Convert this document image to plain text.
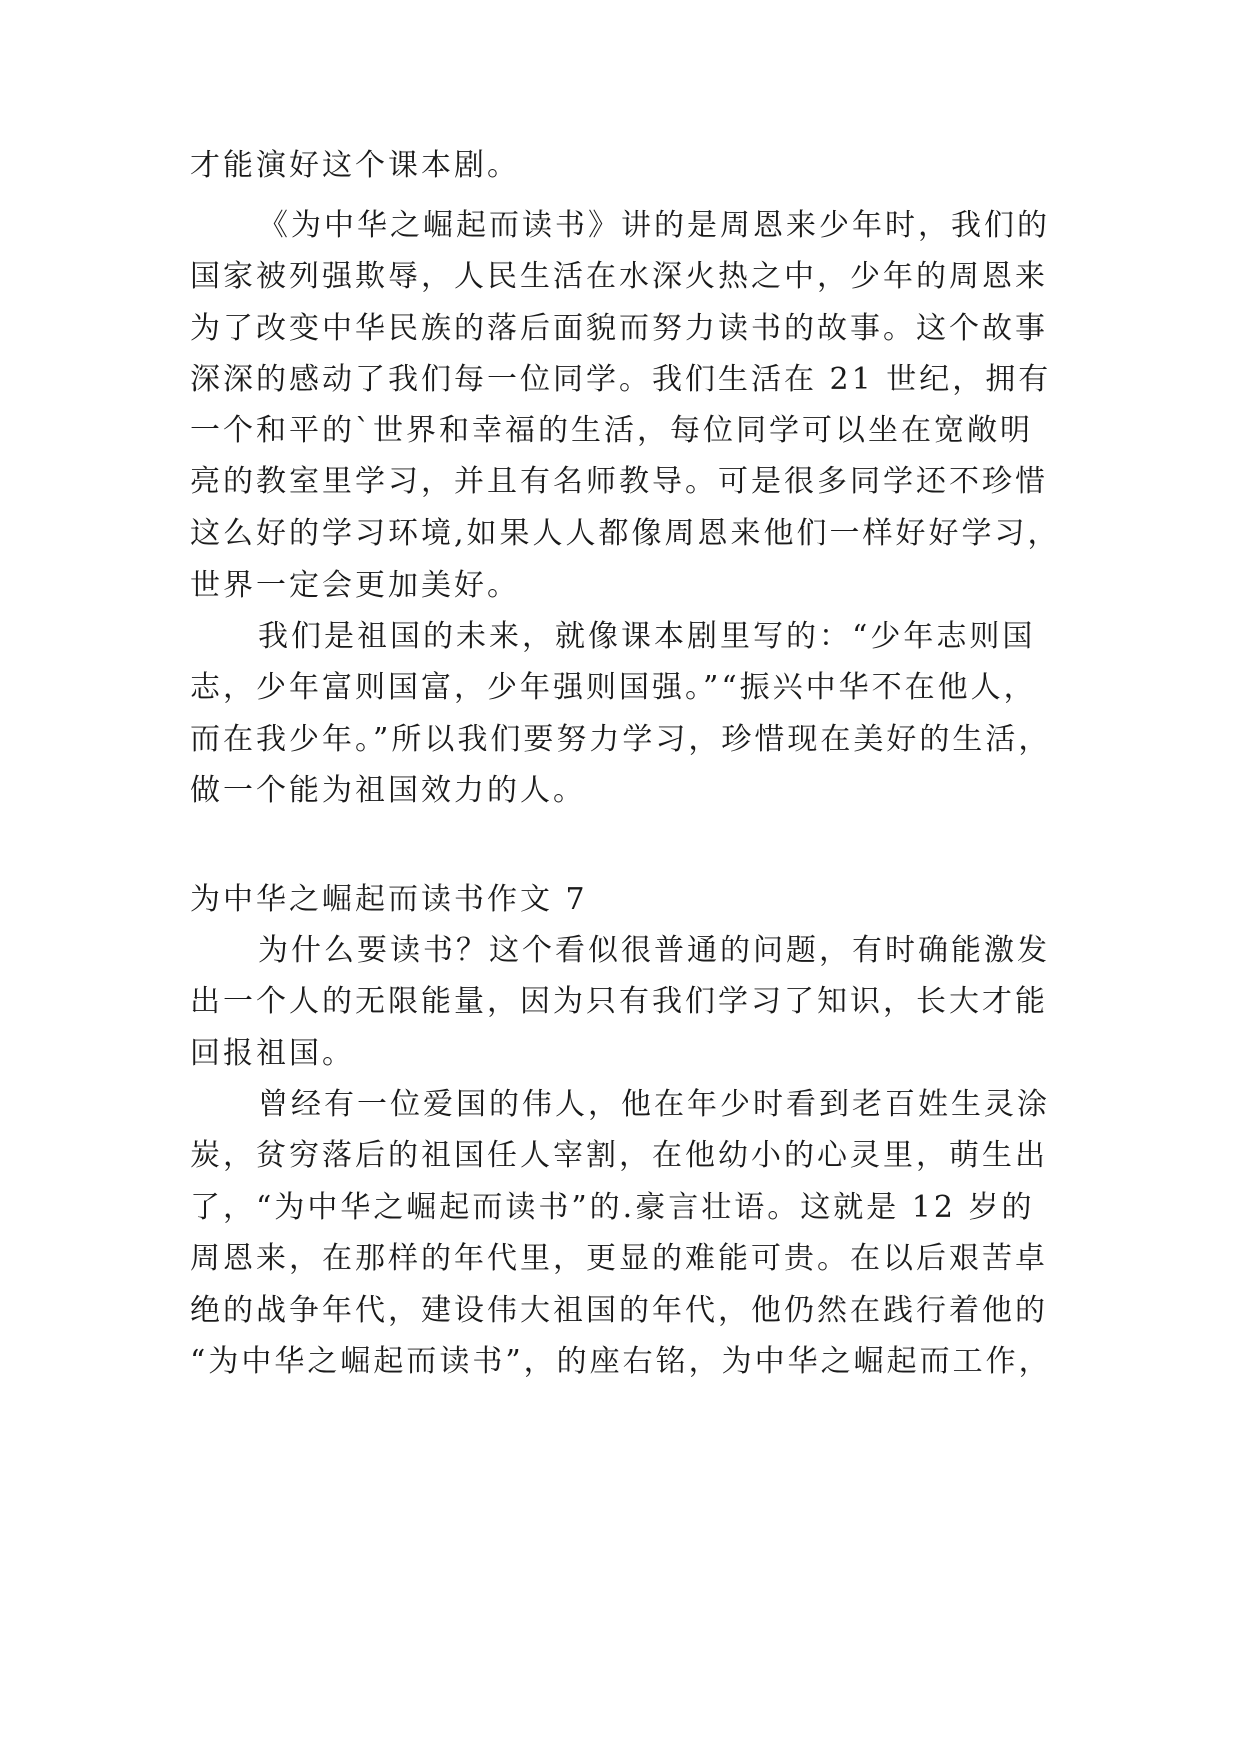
才能演好这个课本剧。
《为中华之崛起而读书》讲的是周恩来少年时，我们的
国家被列强欺辱，人民生活在水深火热之中，少年的周恩来
为了改变中华民族的落后面貌而努力读书的故事。这个故事
深深的感动了我们每一位同学。我们生活在 21 世纪，拥有
一个和平的`世界和幸福的生活，每位同学可以坐在宽敞明
亮的教室里学习，并且有名师教导。可是很多同学还不珍惜
这么好的学习环境,如果人人都像周恩来他们一样好好学习，
世界一定会更加美好。
我们是祖国的未来，就像课本剧里写的：“少年志则国
志，少年富则国富，少年强则国强。”“振兴中华不在他人，
而在我少年。”所以我们要努力学习，珍惜现在美好的生活，
做一个能为祖国效力的人。
为中华之崛起而读书作文 7
为什么要读书？这个看似很普通的问题，有时确能激发
出一个人的无限能量，因为只有我们学习了知识，长大才能
回报祖国。
曾经有一位爱国的伟人，他在年少时看到老百姓生灵涂
炭，贫穷落后的祖国任人宰割，在他幼小的心灵里，萌生出
了，“为中华之崛起而读书”的.豪言壮语。这就是 12 岁的
周恩来，在那样的年代里，更显的难能可贵。在以后艰苦卓
绝的战争年代，建设伟大祖国的年代，他仍然在践行着他的
“为中华之崛起而读书”，的座右铭，为中华之崛起而工作，
